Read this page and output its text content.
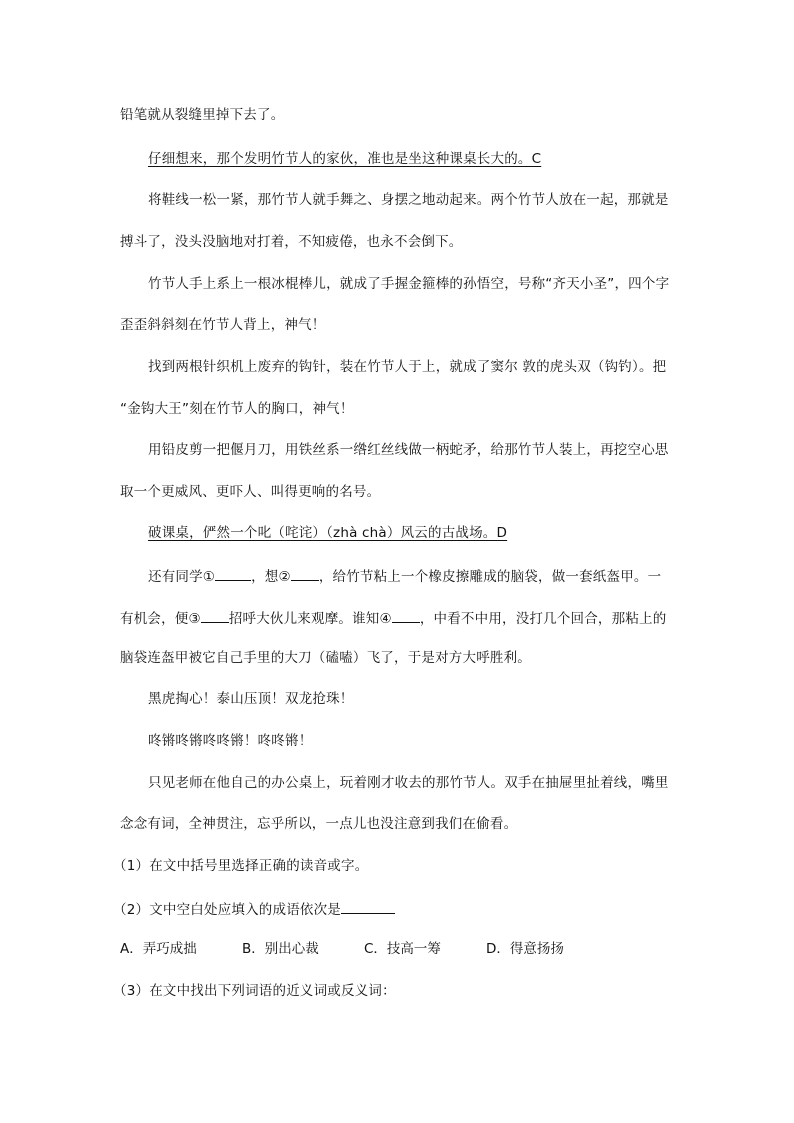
铅笔就从裂缝里掉下去了。
仔细想来，那个发明竹节人的家伙，准也是坐这种课桌长大的。C
将鞋线一松一紧，那竹节人就手舞之、身摆之地动起来。两个竹节人放在一起，那就是
搏斗了，没头没脑地对打着，不知疲倦，也永不会倒下。
竹节人手上系上一根冰棍棒儿，就成了手握金箍棒的孙悟空，号称“齐天小圣”，四个字
歪歪斜斜刻在竹节人背上，神气！
找到两根针织机上废弃的钩针，装在竹节人于上，就成了窦尔 敦的虎头双（钩钓）。把
“金钩大王”刻在竹节人的胸口，神气！
用铅皮剪一把偃月刀，用铁丝系一绺红丝线做一柄蛇矛，给那竹节人装上，再挖空心思
取一个更威风、更吓人、叫得更响的名号。
破课桌，俨然一个叱（咤诧）（zhà chà）风云的古战场。D
还有同学①	，想② ，给竹节粘上一个橡皮擦雕成的脑袋，做一套纸盔甲。一
有机会，便③ 招呼大伙儿来观摩。谁知④ ，中看不中用，没打几个回合，那粘上的
脑袋连盔甲被它自己手里的大刀（磕嗑）飞了，于是对方大呼胜利。
黑虎掏心！泰山压顶！双龙抢珠！
咚锵咚锵咚咚锵！咚咚锵！
只见老师在他自己的办公桌上，玩着刚才收去的那竹节人。双手在抽屉里扯着线，嘴里
念念有词，全神贯注，忘乎所以，一点儿也没注意到我们在偷看。
（1）在文中括号里选择正确的读音或字。
（2）文中空白处应填入的成语依次是
A．弄巧成拙	B．别出心裁	C．技高一筹	D．得意扬扬
（3）在文中找出下列词语的近义词或反义词：
